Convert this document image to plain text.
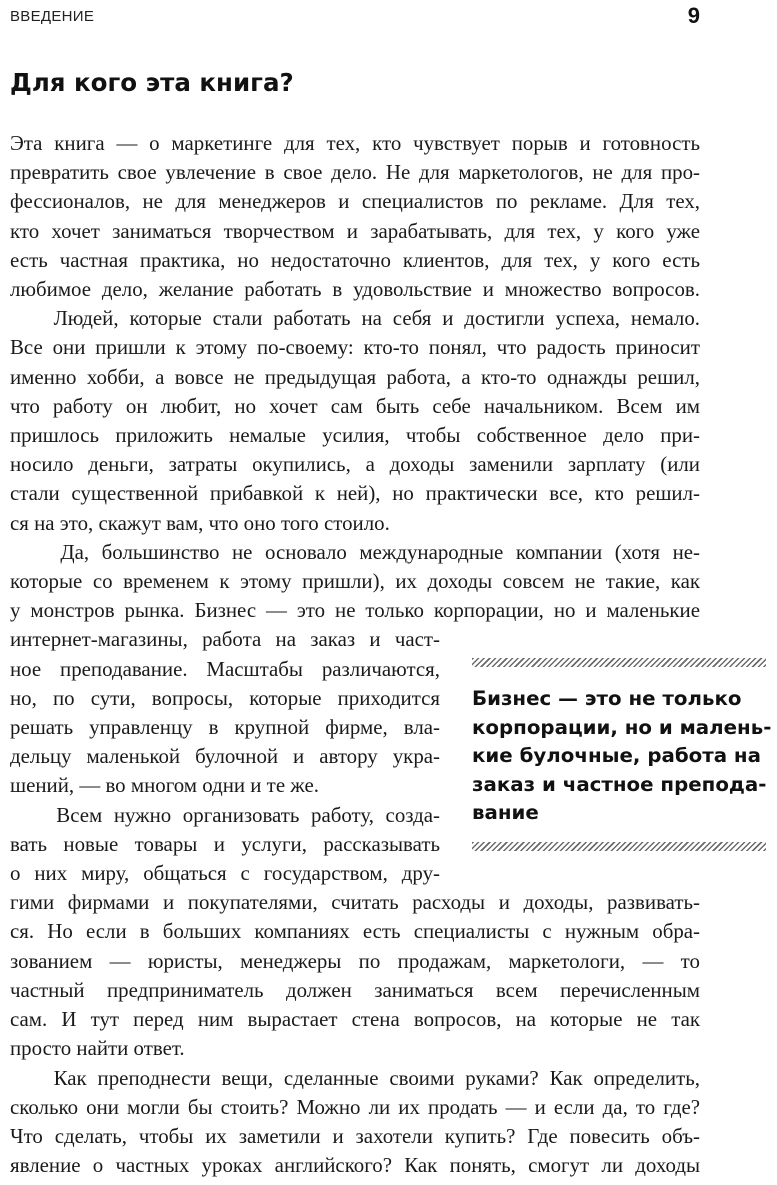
ВВЕДЕНИЕ	9
Для кого эта книга?
Эта книга — о маркетинге для тех, кто чувствует порыв и готовность
превратить свое увлечение в свое дело. Не для маркетологов, не для про-
фессионалов, не для менеджеров и специалистов по рекламе. Для тех,
кто хочет заниматься творчеством и зарабатывать, для тех, у кого уже
есть частная практика, но недостаточно клиентов, для тех, у кого есть
любимое дело, желание работать в удовольствие и множество вопросов.
Людей, которые стали работать на себя и достигли успеха, немало.
Все они пришли к этому по-своему: кто-то понял, что радость приносит
именно хобби, а вовсе не предыдущая работа, а кто-то однажды решил,
что работу он любит, но хочет сам быть себе начальником. Всем им
пришлось приложить немалые усилия, чтобы собственное дело при-
носило деньги, затраты окупились, а доходы заменили зарплату (или
стали существенной прибавкой к ней), но практически все, кто решил-
ся на это, скажут вам, что оно того стоило.
Да, большинство не основало международные компании (хотя не-
которые со временем к этому пришли), их доходы совсем не такие, как
у монстров рынка. Бизнес — это не только корпорации, но и маленькие
интернет-магазины, работа на заказ и част-
ное преподавание. Масштабы различаются,
но, по сути, вопросы, которые приходится
решать управленцу в крупной фирме, вла-
дельцу маленькой булочной и автору укра-
шений, — во многом одни и те же.
Всем нужно организовать работу, созда-
вать новые товары и услуги, рассказывать
о них миру, общаться с государством, дру-
гими фирмами и покупателями, считать расходы и доходы, развивать-
ся. Но если в больших компаниях есть специалисты с нужным обра-
зованием — юристы, менеджеры по продажам, маркетологи, — то
частный предприниматель должен заниматься всем перечисленным
сам. И тут перед ним вырастает стена вопросов, на которые не так
просто найти ответ.
Как преподнести вещи, сделанные своими руками? Как определить,
сколько они могли бы стоить? Можно ли их продать — и если да, то где?
Что сделать, чтобы их заметили и захотели купить? Где повесить объ-
явление о частных уроках английского? Как понять, смогут ли доходы
Бизнес — это не только
корпорации, но и малень-
кие булочные, работа на
заказ и частное препода-
вание
